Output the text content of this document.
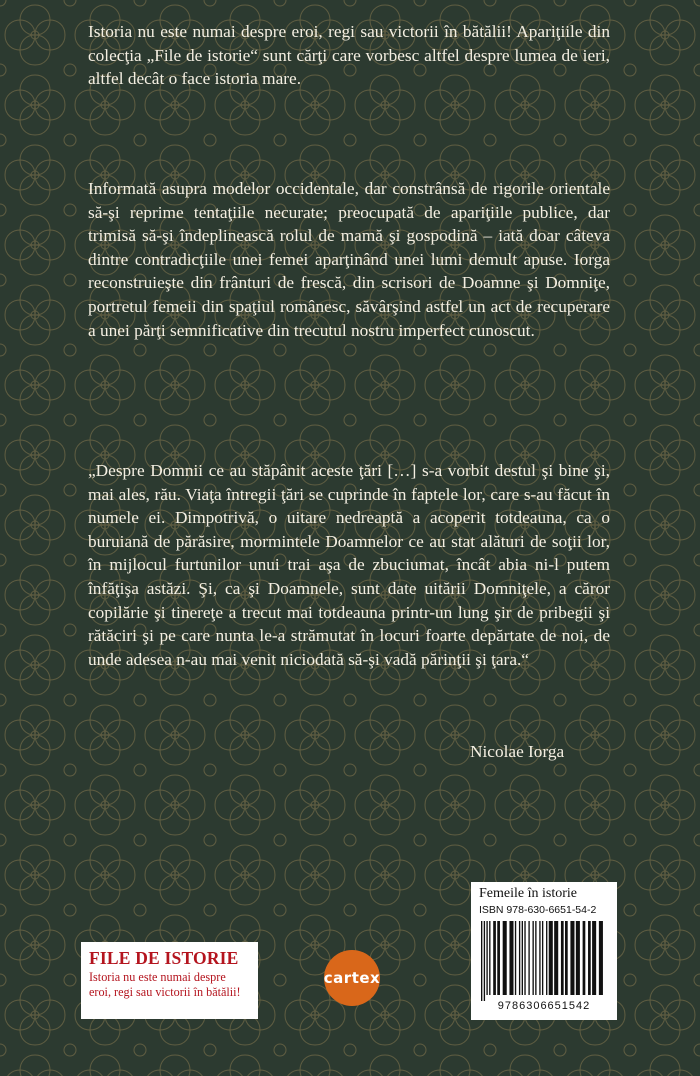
Istoria nu este numai despre eroi, regi sau victorii în bătălii! Apariţiile din colecţia „File de istorie“ sunt cărţi care vorbesc altfel despre lumea de ieri, altfel decât o face istoria mare.
Informată asupra modelor occidentale, dar constrânsă de rigorile orientale să-şi reprime tentaţiile necurate; preocupată de apariţiile publice, dar trimisă să-şi îndeplinească rolul de mamă şi gospodină – iată doar câteva dintre contradicţiile unei femei aparţinând unei lumi demult apuse. Iorga reconstruieşte din frânturi de frescă, din scrisori de Doamne şi Domniţe, portretul femeii din spaţiul românesc, săvârşind astfel un act de recuperare a unei părţi semnificative din trecutul nostru imperfect cunoscut.
„Despre Domnii ce au stăpânit aceste ţări […] s-a vorbit destul şi bine şi, mai ales, rău. Viaţa întregii ţări se cuprinde în faptele lor, care s-au făcut în numele ei. Dimpotrivă, o uitare nedreaptă a acoperit totdeauna, ca o buruiană de părăsire, mormintele Doamnelor ce au stat alături de soţii lor, în mijlocul furtunilor unui trai aşa de zbuciumat, încât abia ni-l putem înfăţişa astăzi. Şi, ca şi Doamnele, sunt date uitării Domniţele, a căror copilărie şi tinereţe a trecut mai totdeauna printr-un lung şir de pribegii şi rătăciri şi pe care nunta le-a strămutat în locuri foarte depărtate de noi, de unde adesea n-au mai venit niciodată să-şi vadă părinţii şi ţara.“
Nicolae Iorga
FILE DE ISTORIE
Istoria nu este numai despre eroi, regi sau victorii în bătălii!
cartex
Femeile în istorie
ISBN 978-630-6651-54-2
9786306651542
